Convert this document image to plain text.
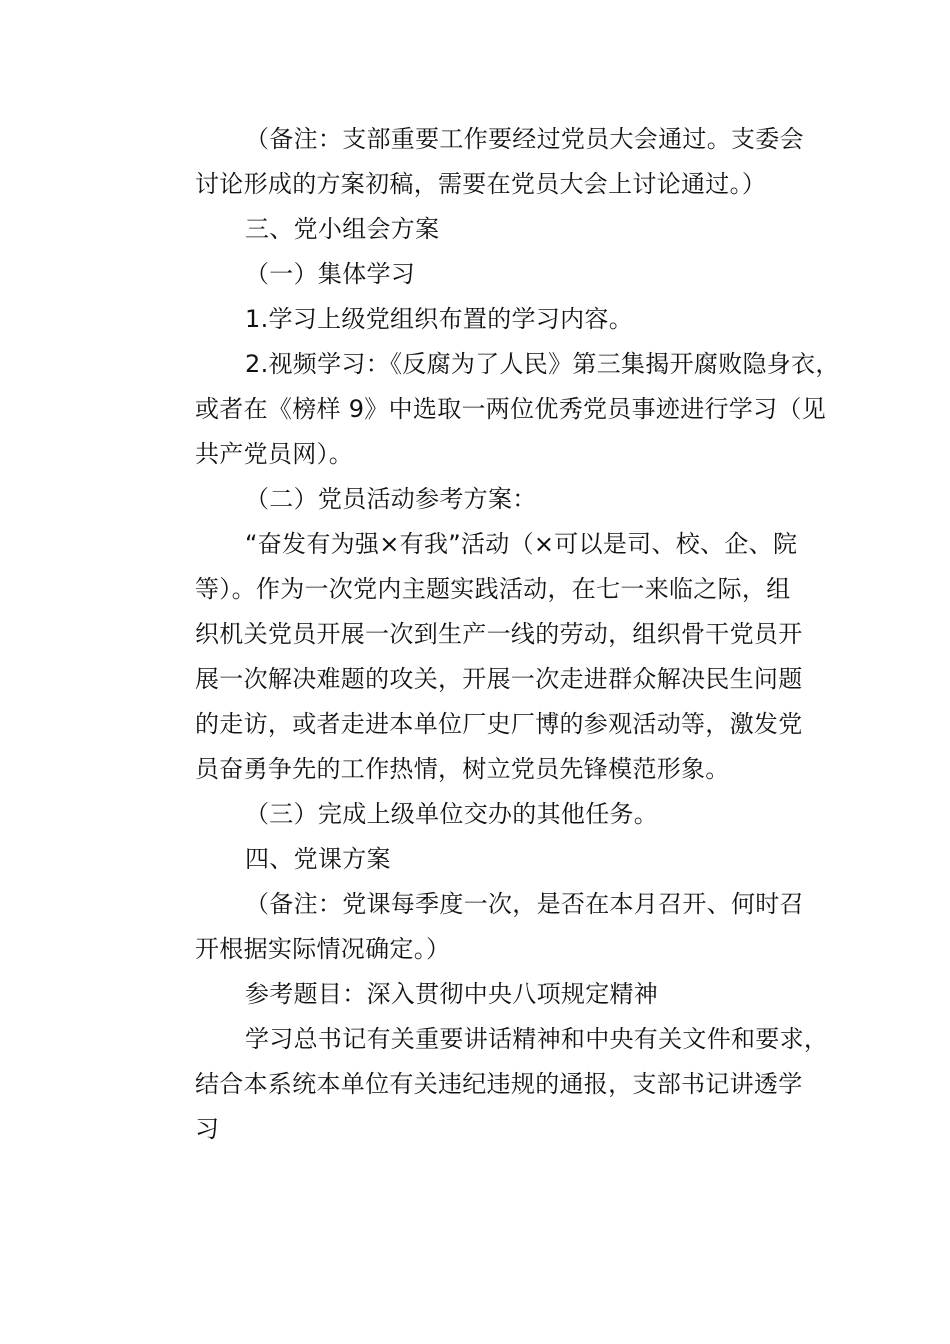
（备注：支部重要工作要经过党员大会通过。支委会
讨论形成的方案初稿，需要在党员大会上讨论通过。）
三、党小组会方案
（一）集体学习
1.学习上级党组织布置的学习内容。
2.视频学习：《反腐为了人民》第三集揭开腐败隐身衣，
或者在《榜样 9》中选取一两位优秀党员事迹进行学习（见
共产党员网）。
（二）党员活动参考方案：
“奋发有为强×有我”活动（×可以是司、校、企、院
等）。作为一次党内主题实践活动，在七一来临之际，组
织机关党员开展一次到生产一线的劳动，组织骨干党员开
展一次解决难题的攻关，开展一次走进群众解决民生问题
的走访，或者走进本单位厂史厂博的参观活动等，激发党
员奋勇争先的工作热情，树立党员先锋模范形象。
（三）完成上级单位交办的其他任务。
四、党课方案
（备注：党课每季度一次，是否在本月召开、何时召
开根据实际情况确定。）
参考题目：深入贯彻中央八项规定精神
学习总书记有关重要讲话精神和中央有关文件和要求，
结合本系统本单位有关违纪违规的通报，支部书记讲透学
习
